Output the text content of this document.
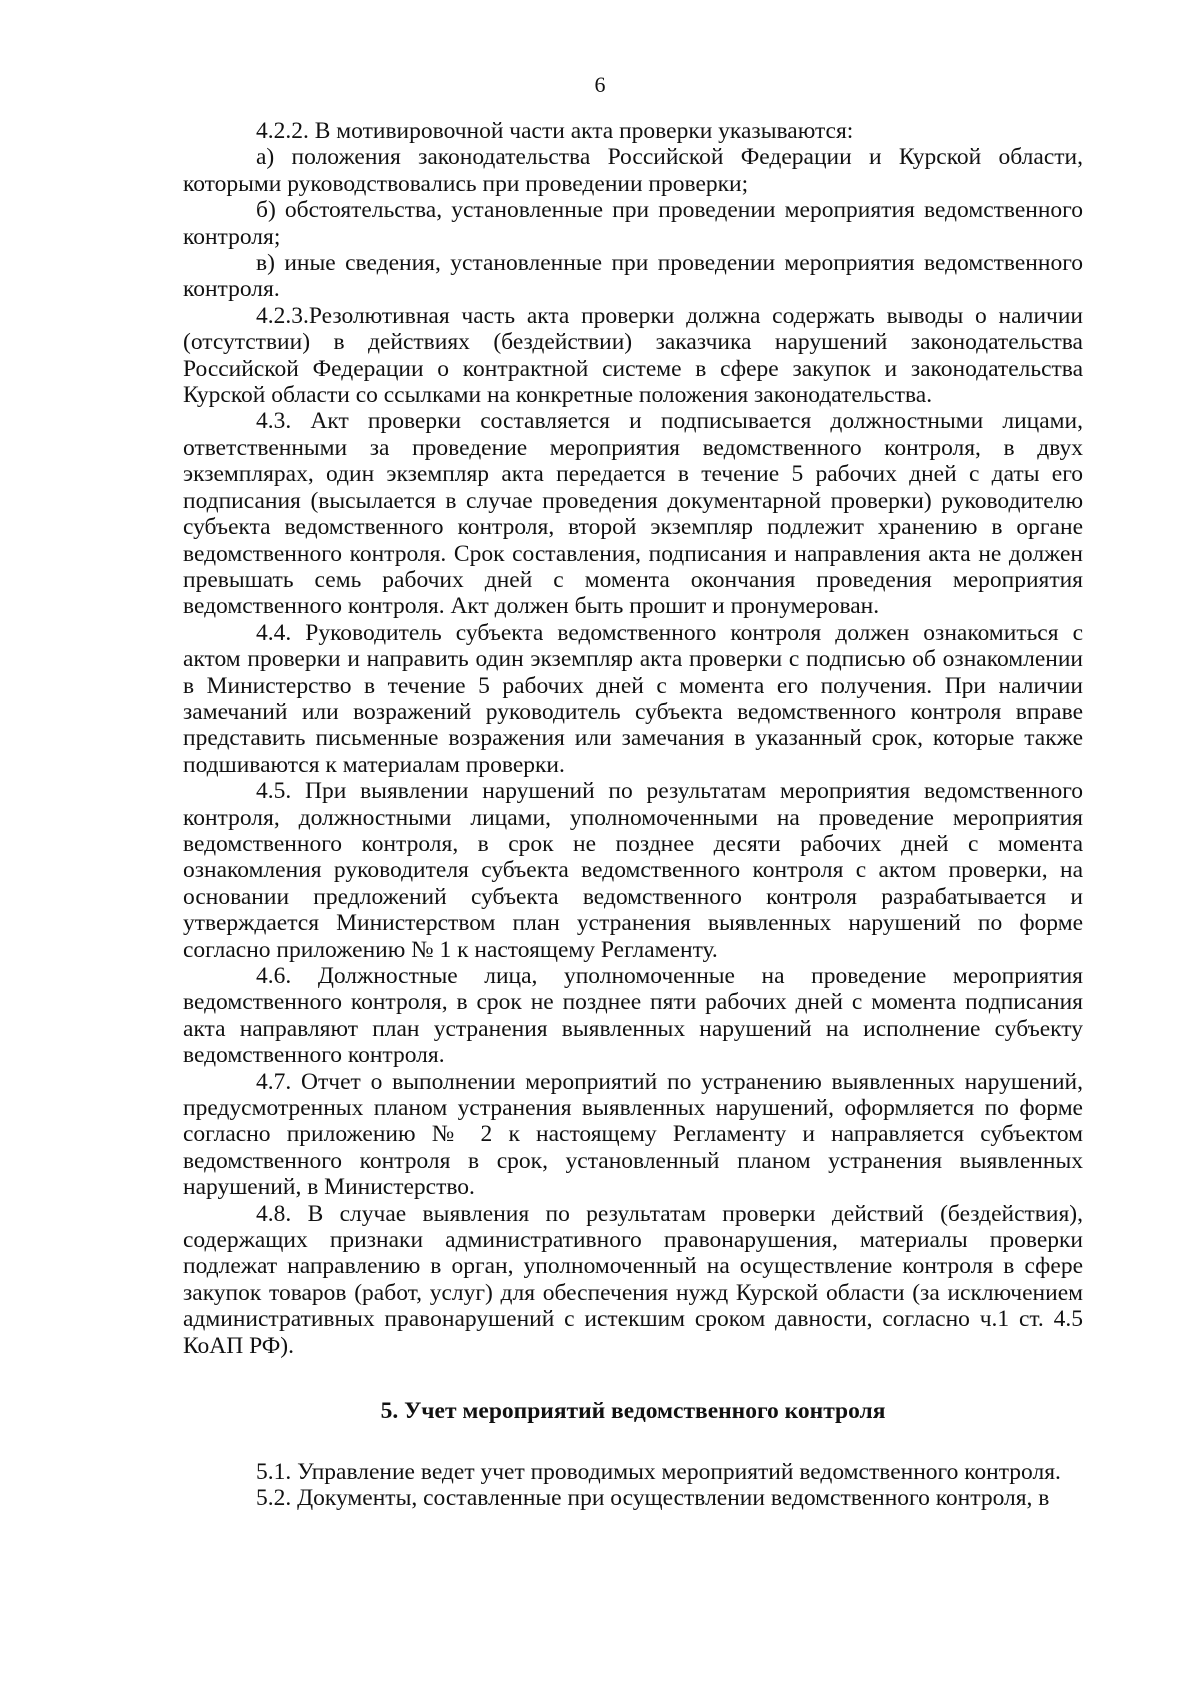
6

4.2.2. В мотивировочной части акта проверки указываются:

а) положения законодательства Российской Федерации и Курской области, которыми руководствовались при проведении проверки;

б) обстоятельства, установленные при проведении мероприятия ведомственного контроля;

в) иные сведения, установленные при проведении мероприятия ведомственного контроля.

4.2.3.Резолютивная часть акта проверки должна содержать выводы о наличии (отсутствии) в действиях (бездействии) заказчика нарушений законодательства Российской Федерации о контрактной системе в сфере закупок и законодательства Курской области со ссылками на конкретные положения законодательства.

4.3. Акт проверки составляется и подписывается должностными лицами, ответственными за проведение мероприятия ведомственного контроля, в двух экземплярах, один экземпляр акта передается в течение 5 рабочих дней с даты его подписания (высылается в случае проведения документарной проверки) руководителю субъекта ведомственного контроля, второй экземпляр подлежит хранению в органе ведомственного контроля. Срок составления, подписания и направления акта не должен превышать семь рабочих дней с момента окончания проведения мероприятия ведомственного контроля. Акт должен быть прошит и пронумерован.

4.4. Руководитель субъекта ведомственного контроля должен ознакомиться с актом проверки и направить один экземпляр акта проверки с подписью об ознакомлении в Министерство в течение 5 рабочих дней с момента его получения. При наличии замечаний или возражений руководитель субъекта ведомственного контроля вправе представить письменные возражения или замечания в указанный срок, которые также подшиваются к материалам проверки.

4.5. При выявлении нарушений по результатам мероприятия ведомственного контроля, должностными лицами, уполномоченными на проведение мероприятия ведомственного контроля, в срок не позднее десяти рабочих дней с момента ознакомления руководителя субъекта ведомственного контроля с актом проверки, на основании предложений субъекта ведомственного контроля разрабатывается и утверждается Министерством план устранения выявленных нарушений по форме согласно приложению № 1 к настоящему Регламенту.

4.6. Должностные лица, уполномоченные на проведение мероприятия ведомственного контроля, в срок не позднее пяти рабочих дней с момента подписания акта направляют план устранения выявленных нарушений на исполнение субъекту ведомственного контроля.

4.7. Отчет о выполнении мероприятий по устранению выявленных нарушений, предусмотренных планом устранения выявленных нарушений, оформляется по форме согласно приложению № 2 к настоящему Регламенту и направляется субъектом ведомственного контроля в срок, установленный планом устранения выявленных нарушений, в Министерство.

4.8. В случае выявления по результатам проверки действий (бездействия), содержащих признаки административного правонарушения, материалы проверки подлежат направлению в орган, уполномоченный на осуществление контроля в сфере закупок товаров (работ, услуг) для обеспечения нужд Курской области (за исключением административных правонарушений с истекшим сроком давности, согласно ч.1 ст. 4.5 КоАП РФ).

5. Учет мероприятий ведомственного контроля

5.1. Управление ведет учет проводимых мероприятий ведомственного контроля.

5.2. Документы, составленные при осуществлении ведомственного контроля, в
